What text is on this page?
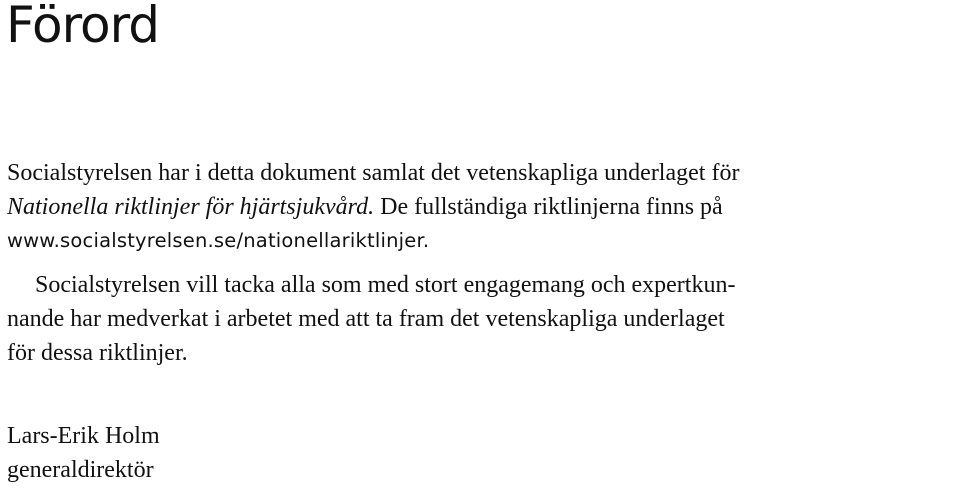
Förord

Socialstyrelsen har i detta dokument samlat det vetenskapliga underlaget för
Nationella riktlinjer för hjärtsjukvård. De fullständiga riktlinjerna finns på
www.socialstyrelsen.se/nationellariktlinjer.

Socialstyrelsen vill tacka alla som med stort engagemang och expertkun-
nande har medverkat i arbetet med att ta fram det vetenskapliga underlaget
för dessa riktlinjer.

Lars-Erik Holm
generaldirektör
